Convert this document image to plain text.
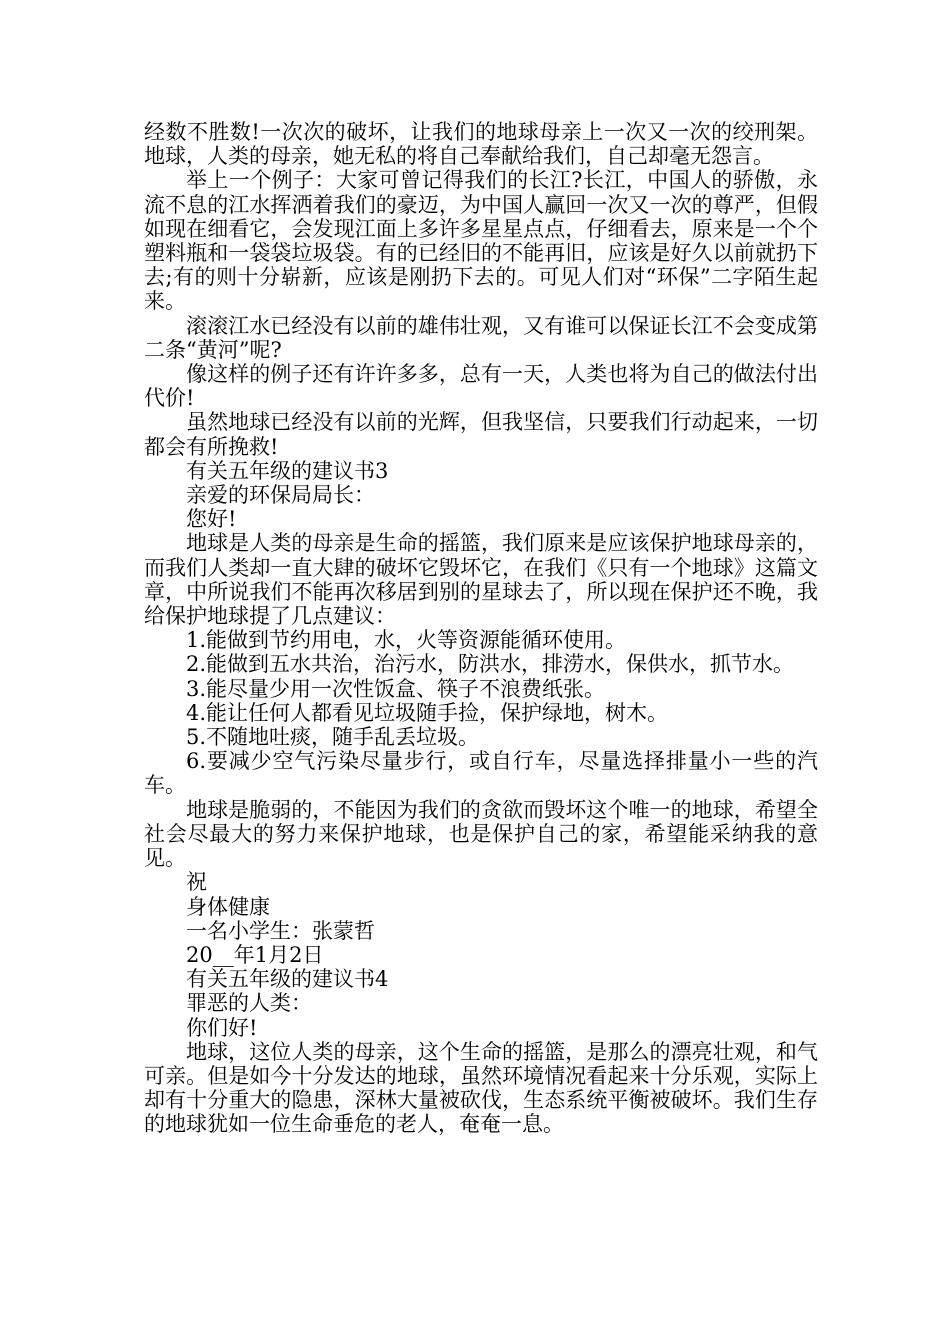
经数不胜数!一次次的破坏，让我们的地球母亲上一次又一次的绞刑架。地球，人类的母亲，她无私的将自己奉献给我们，自己却毫无怨言。

举上一个例子：大家可曾记得我们的长江?长江，中国人的骄傲，永流不息的江水挥洒着我们的豪迈，为中国人赢回一次又一次的尊严，但假如现在细看它，会发现江面上多许多星星点点，仔细看去，原来是一个个塑料瓶和一袋袋垃圾袋。有的已经旧的不能再旧，应该是好久以前就扔下去;有的则十分崭新，应该是刚扔下去的。可见人们对“环保”二字陌生起来。

滚滚江水已经没有以前的雄伟壮观，又有谁可以保证长江不会变成第二条“黄河”呢?

像这样的例子还有许许多多，总有一天，人类也将为自己的做法付出代价!

虽然地球已经没有以前的光辉，但我坚信，只要我们行动起来，一切都会有所挽救!

有关五年级的建议书3

亲爱的环保局局长：

您好!

地球是人类的母亲是生命的摇篮，我们原来是应该保护地球母亲的，而我们人类却一直大肆的破坏它毁坏它，在我们《只有一个地球》这篇文章，中所说我们不能再次移居到别的星球去了，所以现在保护还不晚，我给保护地球提了几点建议：

1.能做到节约用电，水，火等资源能循环使用。

2.能做到五水共治，治污水，防洪水，排涝水，保供水，抓节水。

3.能尽量少用一次性饭盒、筷子不浪费纸张。

4.能让任何人都看见垃圾随手捡，保护绿地，树木。

5.不随地吐痰，随手乱丢垃圾。

6.要减少空气污染尽量步行，或自行车，尽量选择排量小一些的汽车。

地球是脆弱的，不能因为我们的贪欲而毁坏这个唯一的地球，希望全社会尽最大的努力来保护地球，也是保护自己的家，希望能采纳我的意见。

祝

身体健康

一名小学生：张蒙哲

20__年1月2日

有关五年级的建议书4

罪恶的人类：

你们好!

地球，这位人类的母亲，这个生命的摇篮，是那么的漂亮壮观，和气可亲。但是如今十分发达的地球，虽然环境情况看起来十分乐观，实际上却有十分重大的隐患，深林大量被砍伐，生态系统平衡被破坏。我们生存的地球犹如一位生命垂危的老人，奄奄一息。
